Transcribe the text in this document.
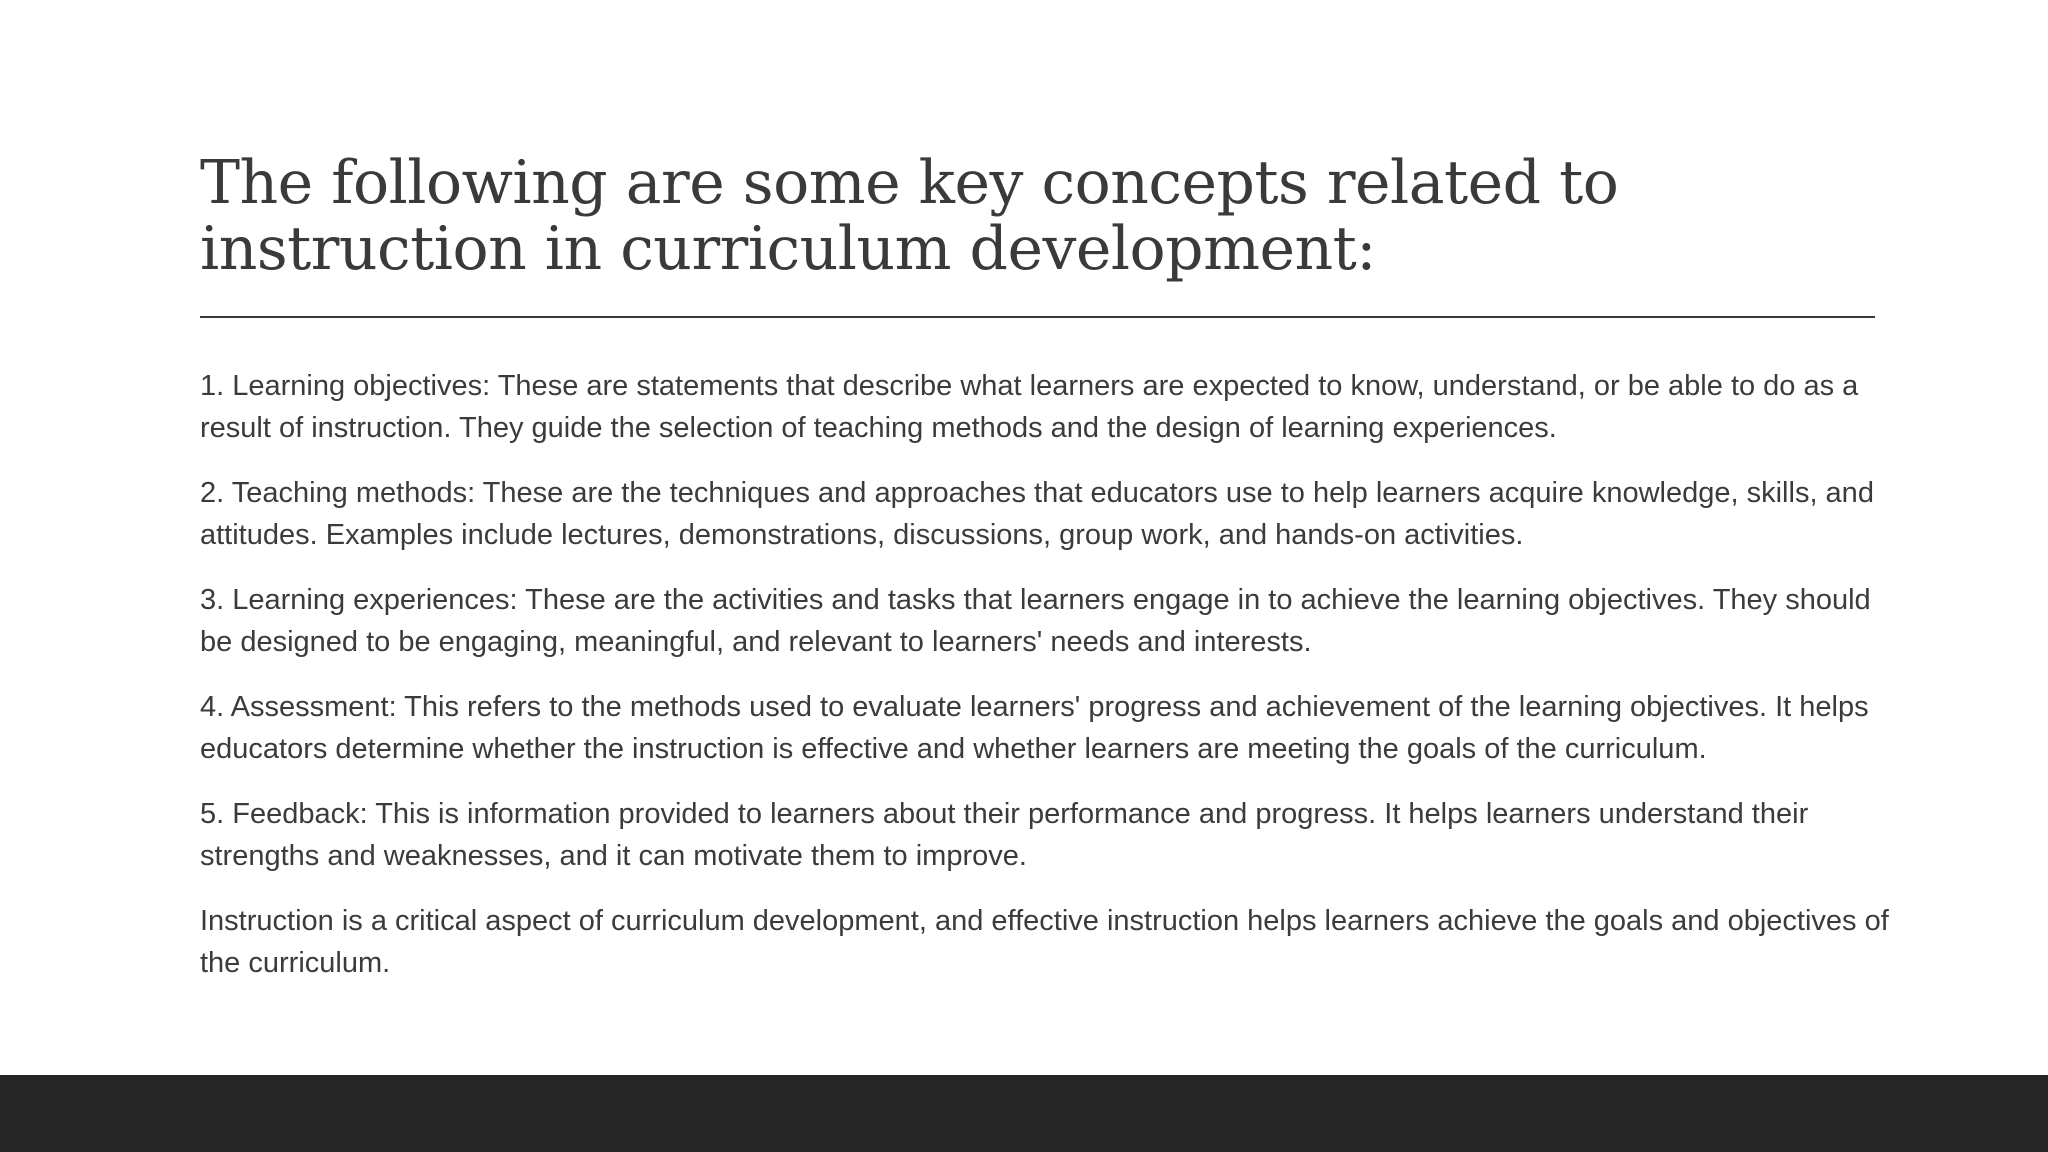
The following are some key concepts related to instruction in curriculum development:

1. Learning objectives: These are statements that describe what learners are expected to know, understand, or be able to do as a result of instruction. They guide the selection of teaching methods and the design of learning experiences.

2. Teaching methods: These are the techniques and approaches that educators use to help learners acquire knowledge, skills, and attitudes. Examples include lectures, demonstrations, discussions, group work, and hands-on activities.

3. Learning experiences: These are the activities and tasks that learners engage in to achieve the learning objectives. They should be designed to be engaging, meaningful, and relevant to learners' needs and interests.

4. Assessment: This refers to the methods used to evaluate learners' progress and achievement of the learning objectives. It helps educators determine whether the instruction is effective and whether learners are meeting the goals of the curriculum.

5. Feedback: This is information provided to learners about their performance and progress. It helps learners understand their strengths and weaknesses, and it can motivate them to improve.

Instruction is a critical aspect of curriculum development, and effective instruction helps learners achieve the goals and objectives of the curriculum.
